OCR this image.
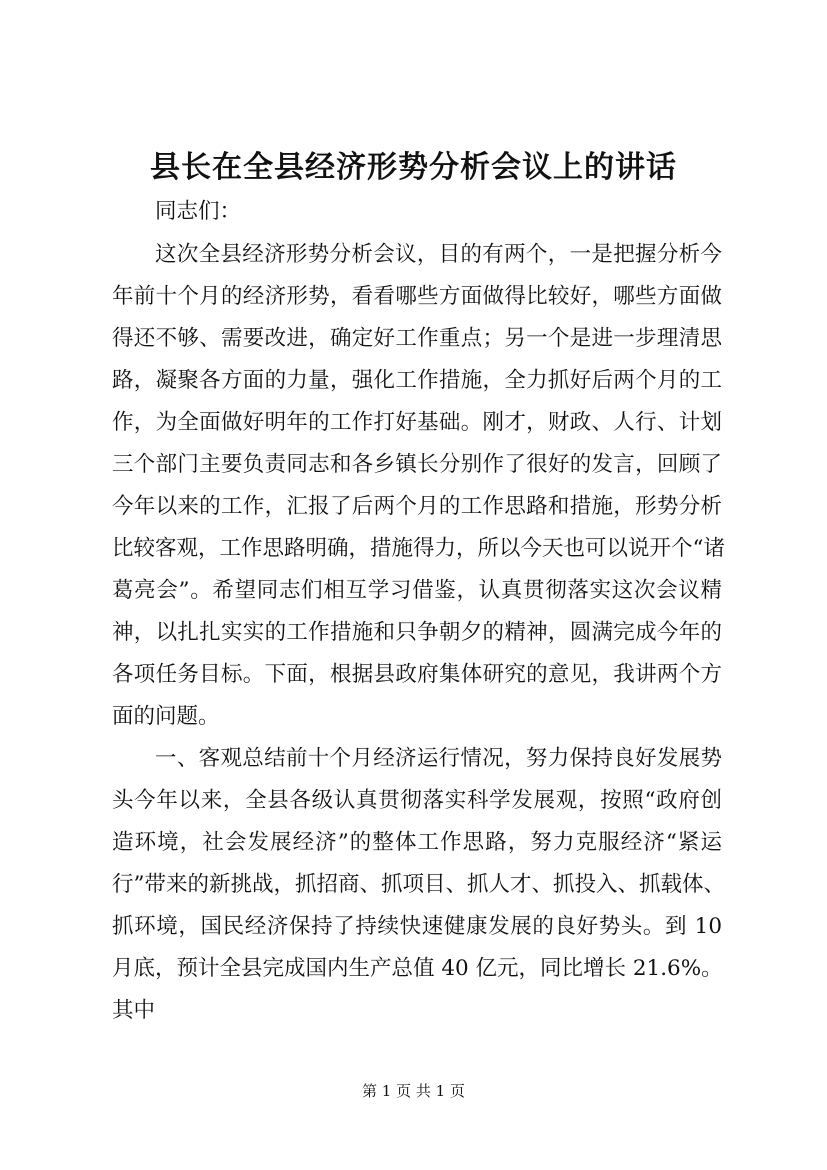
县长在全县经济形势分析会议上的讲话
同志们：
这次全县经济形势分析会议，目的有两个，一是把握分析今
年前十个月的经济形势，看看哪些方面做得比较好，哪些方面做
得还不够、需要改进，确定好工作重点；另一个是进一步理清思
路，凝聚各方面的力量，强化工作措施，全力抓好后两个月的工
作，为全面做好明年的工作打好基础。刚才，财政、人行、计划
三个部门主要负责同志和各乡镇长分别作了很好的发言，回顾了
今年以来的工作，汇报了后两个月的工作思路和措施，形势分析
比较客观，工作思路明确，措施得力，所以今天也可以说开个“诸
葛亮会”。希望同志们相互学习借鉴，认真贯彻落实这次会议精
神，以扎扎实实的工作措施和只争朝夕的精神，圆满完成今年的
各项任务目标。下面，根据县政府集体研究的意见，我讲两个方
面的问题。
一、客观总结前十个月经济运行情况，努力保持良好发展势
头今年以来，全县各级认真贯彻落实科学发展观，按照“政府创
造环境，社会发展经济”的整体工作思路，努力克服经济“紧运
行”带来的新挑战，抓招商、抓项目、抓人才、抓投入、抓载体、
抓环境，国民经济保持了持续快速健康发展的良好势头。到 10
月底，预计全县完成国内生产总值 40 亿元，同比增长 21.6%。
其中
第 1 页 共 1 页
